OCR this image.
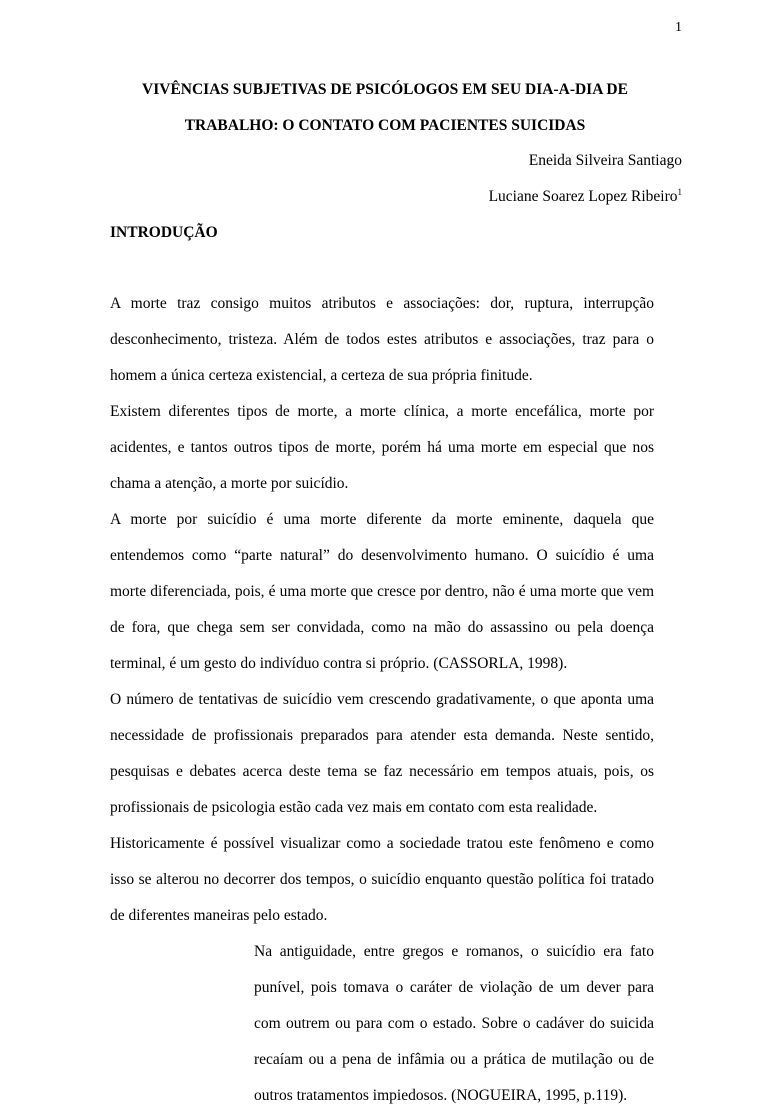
1
VIVÊNCIAS SUBJETIVAS DE PSICÓLOGOS EM SEU DIA-A-DIA DE
TRABALHO: O CONTATO COM PACIENTES SUICIDAS
Eneida Silveira Santiago
Luciane Soarez Lopez Ribeiro$^1$
INTRODUÇÃO

A morte traz consigo muitos atributos e associações: dor, ruptura, interrupção desconhecimento, tristeza. Além de todos estes atributos e associações, traz para o homem a única certeza existencial, a certeza de sua própria finitude.

Existem diferentes tipos de morte, a morte clínica, a morte encefálica, morte por acidentes, e tantos outros tipos de morte, porém há uma morte em especial que nos chama a atenção, a morte por suicídio.

A morte por suicídio é uma morte diferente da morte eminente, daquela que entendemos como “parte natural” do desenvolvimento humano. O suicídio é uma morte diferenciada, pois, é uma morte que cresce por dentro, não é uma morte que vem de fora, que chega sem ser convidada, como na mão do assassino ou pela doença terminal, é um gesto do indivíduo contra si próprio. (CASSORLA, 1998).

O número de tentativas de suicídio vem crescendo gradativamente, o que aponta uma necessidade de profissionais preparados para atender esta demanda. Neste sentido, pesquisas e debates acerca deste tema se faz necessário em tempos atuais, pois, os profissionais de psicologia estão cada vez mais em contato com esta realidade.

Historicamente é possível visualizar como a sociedade tratou este fenômeno e como isso se alterou no decorrer dos tempos, o suicídio enquanto questão política foi tratado de diferentes maneiras pelo estado.

Na antiguidade, entre gregos e romanos, o suicídio era fato punível, pois tomava o caráter de violação de um dever para com outrem ou para com o estado. Sobre o cadáver do suicida recaíam ou a pena de infâmia ou a prática de mutilação ou de outros tratamentos impiedosos. (NOGUEIRA, 1995, p.119).
